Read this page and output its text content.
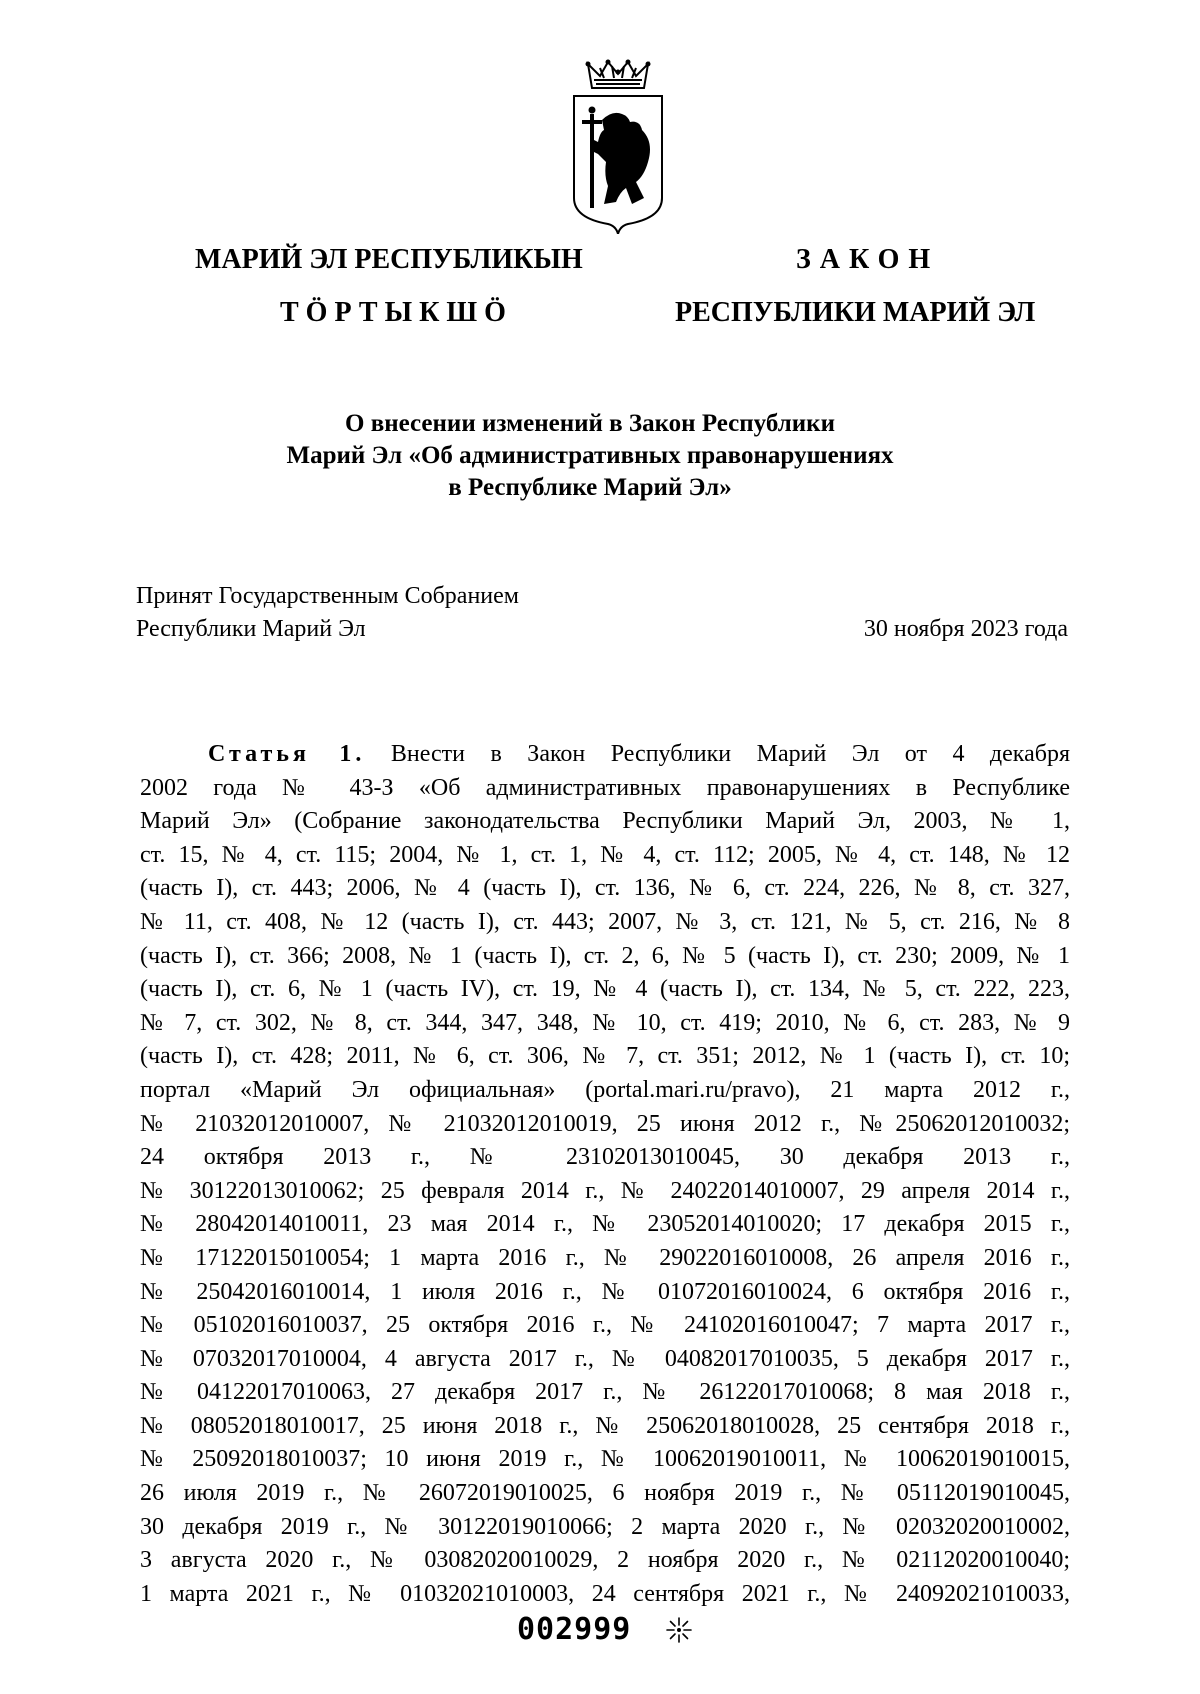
МАРИЙ ЭЛ РЕСПУБЛИКЫН
ТӦРТЫКШӦ
ЗАКОН
РЕСПУБЛИКИ МАРИЙ ЭЛ
О внесении изменений в Закон Республики
Марий Эл «Об административных правонарушениях
в Республике Марий Эл»
Принят Государственным Собранием
Республики Марий Эл	30 ноября 2023 года
Статья 1. Внести в Закон Республики Марий Эл от 4 декабря
2002 года № 43-З «Об административных правонарушениях в Республике
Марий Эл» (Собрание законодательства Республики Марий Эл, 2003, № 1,
ст. 15, № 4, ст. 115; 2004, № 1, ст. 1, № 4, ст. 112; 2005, № 4, ст. 148, № 12
(часть I), ст. 443; 2006, № 4 (часть I), ст. 136, № 6, ст. 224, 226, № 8, ст. 327,
№ 11, ст. 408, № 12 (часть I), ст. 443; 2007, № 3, ст. 121, № 5, ст. 216, № 8
(часть I), ст. 366; 2008, № 1 (часть I), ст. 2, 6, № 5 (часть I), ст. 230; 2009, № 1
(часть I), ст. 6, № 1 (часть IV), ст. 19, № 4 (часть I), ст. 134, № 5, ст. 222, 223,
№ 7, ст. 302, № 8, ст. 344, 347, 348, № 10, ст. 419; 2010, № 6, ст. 283, № 9
(часть I), ст. 428; 2011, № 6, ст. 306, № 7, ст. 351; 2012, № 1 (часть I), ст. 10;
портал «Марий Эл официальная» (portal.mari.ru/pravo), 21 марта 2012 г.,
№ 21032012010007, № 21032012010019, 25 июня 2012 г., №25062012010032;
24 октября 2013 г., № 23102013010045, 30 декабря 2013 г.,
№ 30122013010062; 25 февраля 2014 г., № 24022014010007, 29 апреля 2014 г.,
№ 28042014010011, 23 мая 2014 г., № 23052014010020; 17 декабря 2015 г.,
№ 17122015010054; 1 марта 2016 г., № 29022016010008, 26 апреля 2016 г.,
№ 25042016010014, 1 июля 2016 г., № 01072016010024, 6 октября 2016 г.,
№ 05102016010037, 25 октября 2016 г., № 24102016010047; 7 марта 2017 г.,
№ 07032017010004, 4 августа 2017 г., № 04082017010035, 5 декабря 2017 г.,
№ 04122017010063, 27 декабря 2017 г., № 26122017010068; 8 мая 2018 г.,
№ 08052018010017, 25 июня 2018 г., № 25062018010028, 25 сентября 2018 г.,
№ 25092018010037; 10 июня 2019 г., № 10062019010011, № 10062019010015,
26 июля 2019 г., № 26072019010025, 6 ноября 2019 г., № 05112019010045,
30 декабря 2019 г., № 30122019010066; 2 марта 2020 г., № 02032020010002,
3 августа 2020 г., № 03082020010029, 2 ноября 2020 г., № 02112020010040;
1 марта 2021 г., № 01032021010003, 24 сентября 2021 г., № 24092021010033,
002999
